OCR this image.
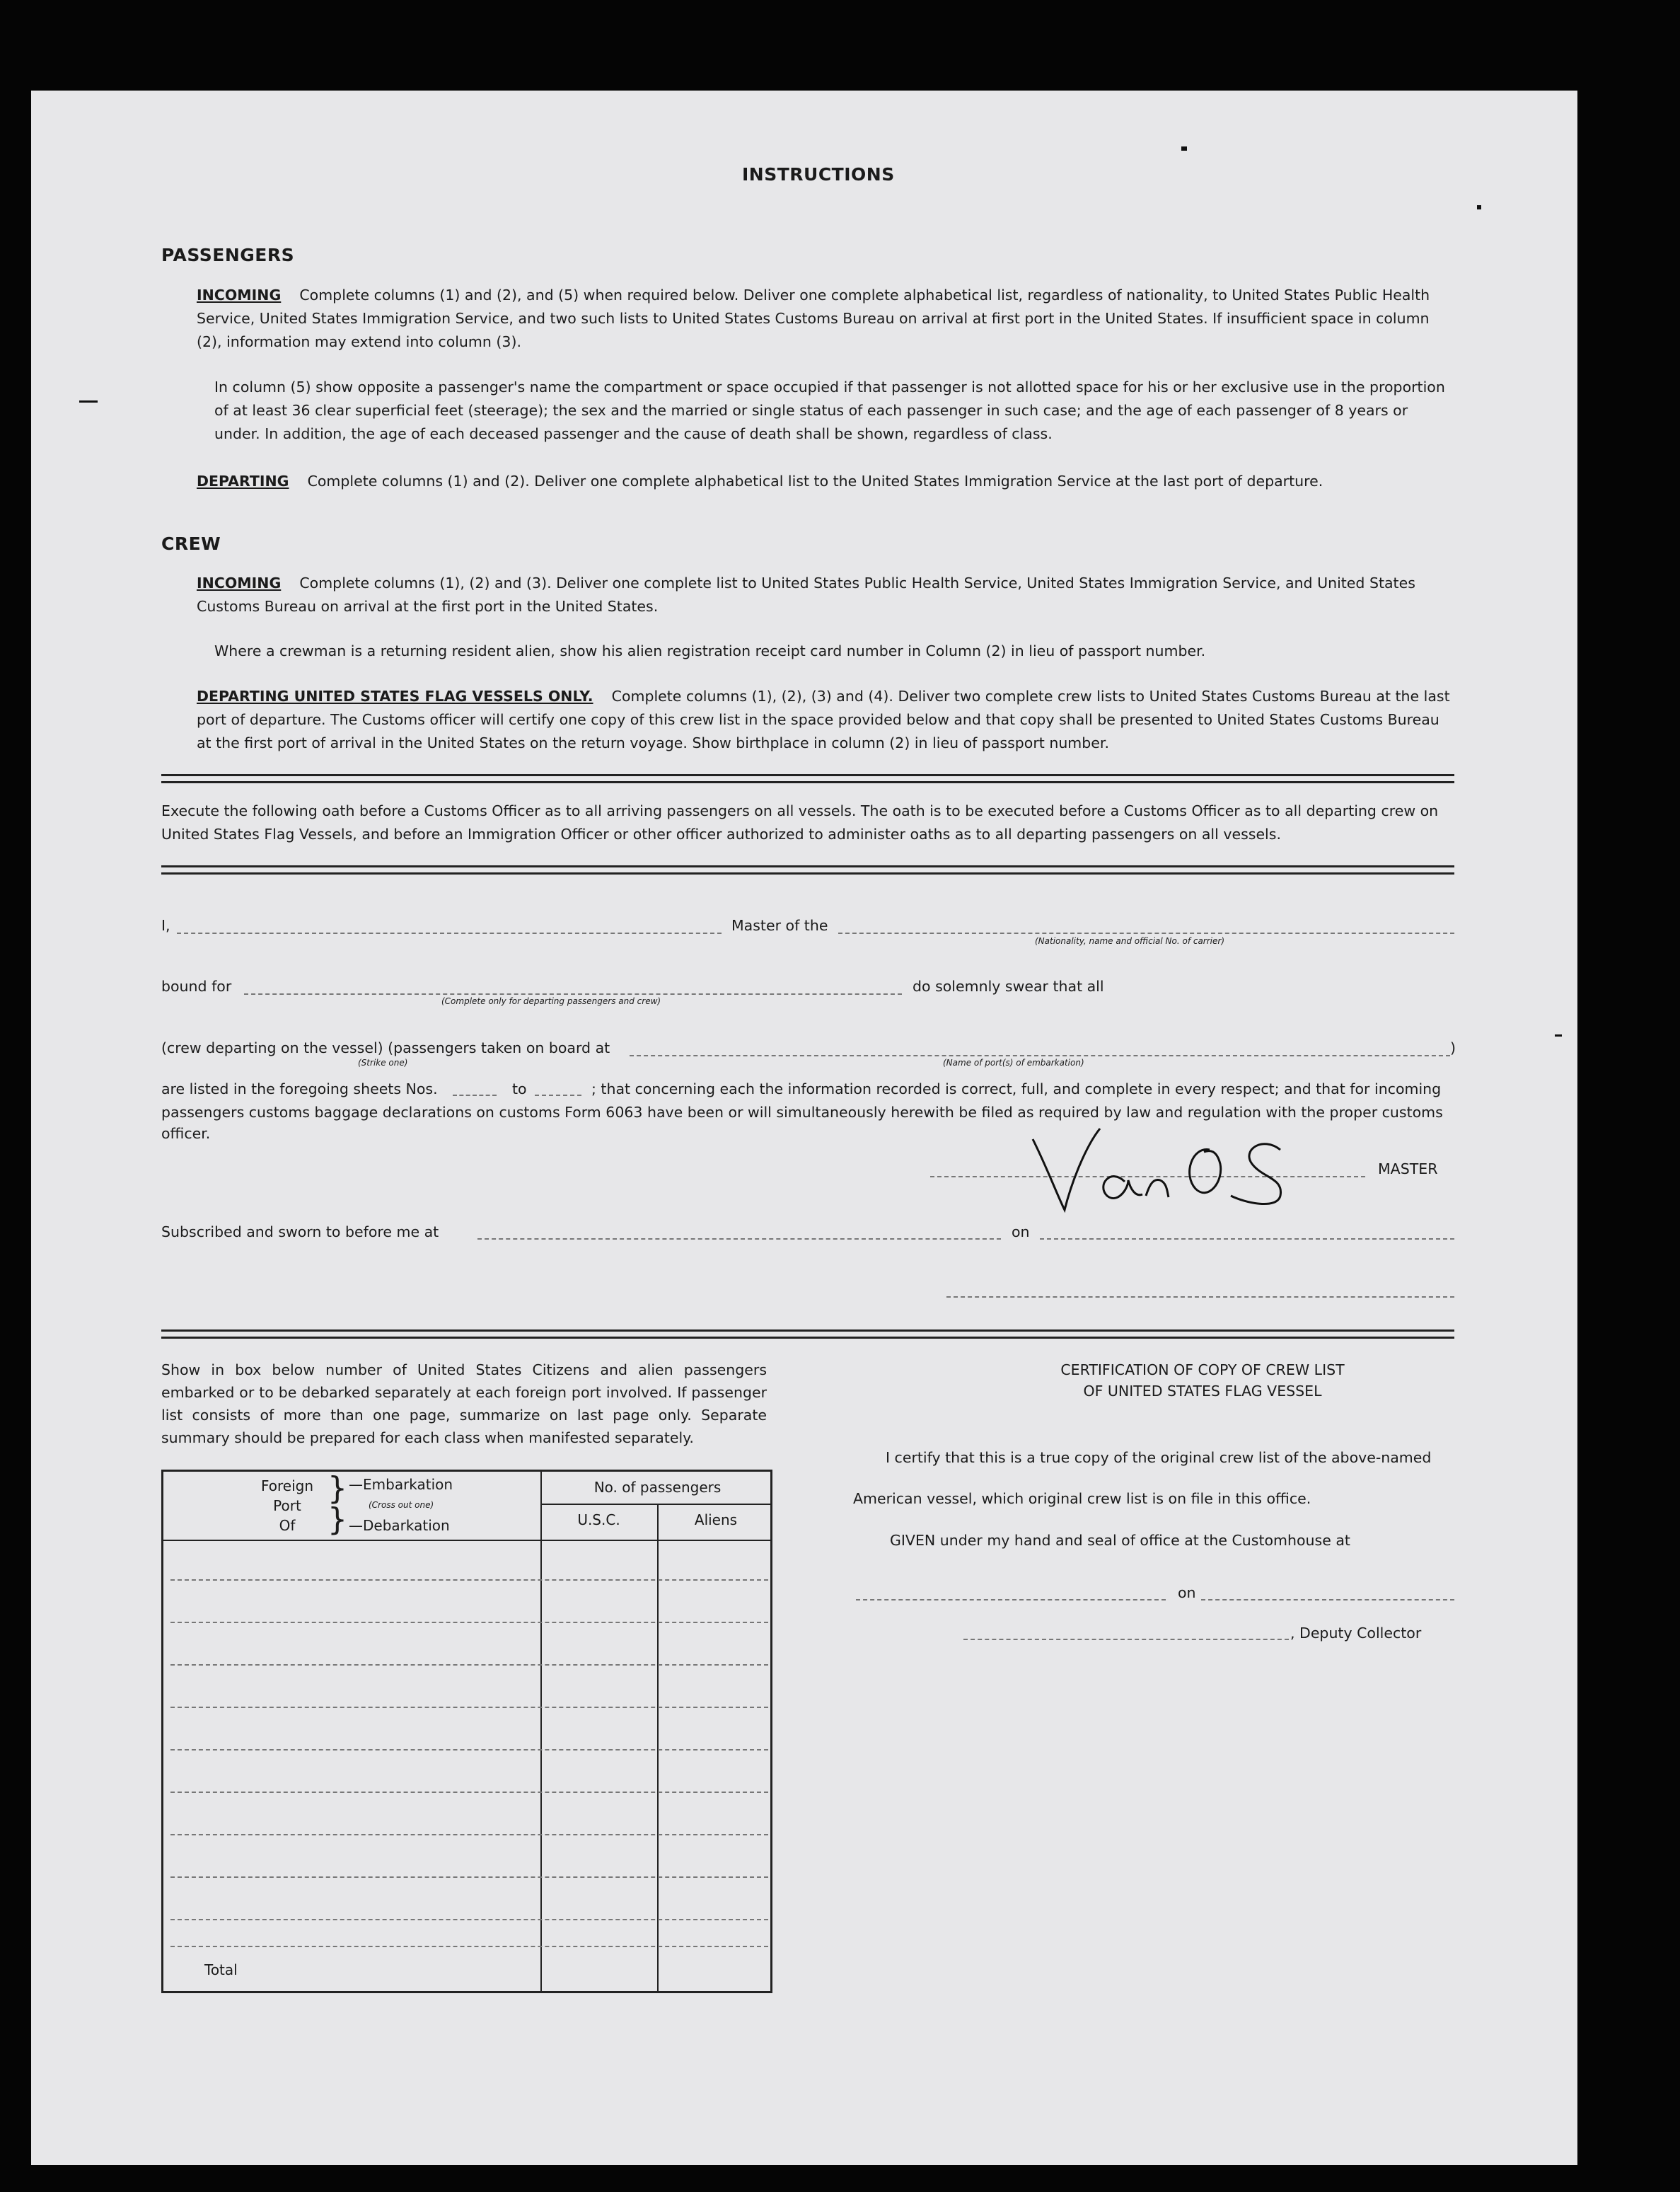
INSTRUCTIONS
PASSENGERS
INCOMING Complete columns (1) and (2), and (5) when required below. Deliver one complete alphabetical list, regardless of nationality, to United States Public Health Service, United States Immigration Service, and two such lists to United States Customs Bureau on arrival at first port in the United States. If insufficient space in column (2), information may extend into column (3).
In column (5) show opposite a passenger's name the compartment or space occupied if that passenger is not allotted space for his or her exclusive use in the proportion of at least 36 clear superficial feet (steerage); the sex and the married or single status of each passenger in such case; and the age of each passenger of 8 years or under. In addition, the age of each deceased passenger and the cause of death shall be shown, regardless of class.
DEPARTING Complete columns (1) and (2). Deliver one complete alphabetical list to the United States Immigration Service at the last port of departure.
CREW
INCOMING Complete columns (1), (2) and (3). Deliver one complete list to United States Public Health Service, United States Immigration Service, and United States Customs Bureau on arrival at the first port in the United States.
Where a crewman is a returning resident alien, show his alien registration receipt card number in Column (2) in lieu of passport number.
DEPARTING UNITED STATES FLAG VESSELS ONLY. Complete columns (1), (2), (3) and (4). Deliver two complete crew lists to United States Customs Bureau at the last port of departure. The Customs officer will certify one copy of this crew list in the space provided below and that copy shall be presented to United States Customs Bureau at the first port of arrival in the United States on the return voyage. Show birthplace in column (2) in lieu of passport number.
Execute the following oath before a Customs Officer as to all arriving passengers on all vessels. The oath is to be executed before a Customs Officer as to all departing crew on United States Flag Vessels, and before an Immigration Officer or other officer authorized to administer oaths as to all departing passengers on all vessels.
I,	Master of the
(Nationality, name and official No. of carrier)
bound for
(Complete only for departing passengers and crew)
do solemnly swear that all
(crew departing on the vessel) (passengers taken on board at
(Strike one)	(Name of port(s) of embarkation)
)
are listed in the foregoing sheets Nos.	to	; that concerning each the information recorded is correct, full, and complete in every respect; and that for incoming
passengers customs baggage declarations on customs Form 6063 have been or will simultaneously herewith be filed as required by law and regulation with the proper customs
officer.
MASTER
Subscribed and sworn to before me at	on
Show in box below number of United States Citizens and alien passengers embarked or to be debarked separately at each foreign port involved. If passenger list consists of more than one page, summarize on last page only. Separate summary should be prepared for each class when manifested separately.
Foreign
Port
Of
}
}
—Embarkation
(Cross out one)
—Debarkation
No. of passengers
U.S.C.	Aliens
Total
CERTIFICATION OF COPY OF CREW LIST
OF UNITED STATES FLAG VESSEL
I certify that this is a true copy of the original crew list of the above-named
American vessel, which original crew list is on file in this office.
GIVEN under my hand and seal of office at the Customhouse at
on
, Deputy Collector
